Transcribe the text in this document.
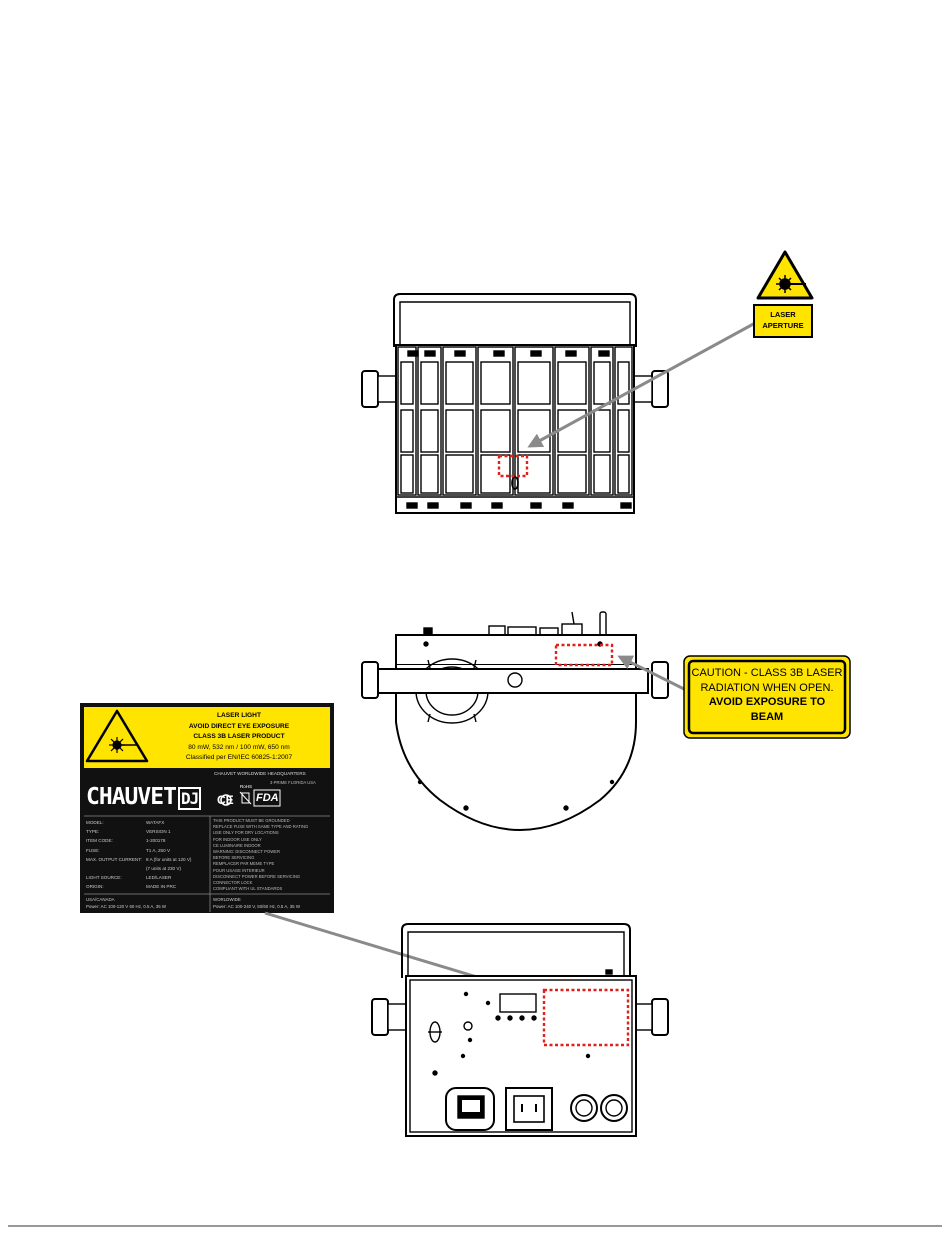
LASER
APERTURE
CAUTION - CLASS 3B LASER
RADIATION WHEN OPEN.
AVOID EXPOSURE TO
BEAM
LASER LIGHT
AVOID DIRECT EYE EXPOSURE
CLASS 3B LASER PRODUCT
80 mW, 532 nm / 100 mW, 650 nm
Classified per EN/IEC 60825-1:2007
CHAUVET DJ
CHAUVET WORLDWIDE HEADQUARTERS
3-PRIME FLORIDA USA
CE
RoHS
FDA
MODEL:	WATAFX
TYPE:	VERSION 1
ITEM CODE:	1-200178
FUSE:	T1 A, 250 V
MAX. OUTPUT CURRENT: 8 A (for units at 120 V)
(7 units at 230 V)
LIGHT SOURCE:	LED/LASER
ORIGIN:	MADE IN PRC
THIS PRODUCT MUST BE GROUNDED
REPLACE FUSE WITH SAME TYPE AND RATING
USE ONLY FOR DRY LOCATIONS
FOR INDOOR USE ONLY
CE LUMINAIRE INDOOR
WARNING: DISCONNECT POWER
BEFORE SERVICING
REMPLACER PAR MEME TYPE
POUR USAGE INTERIEUR
DISCONNECT POWER BEFORE SERVICING
CONNECTOR LOCK
COMPLIANT WITH UL STANDARDS
USA/CANADA
Power: AC 100-120 V 60 Hz, 0.5 A, 35 W
WORLDWIDE
Power: AC 100-240 V, 50/60 Hz, 0.5 A, 35 W
